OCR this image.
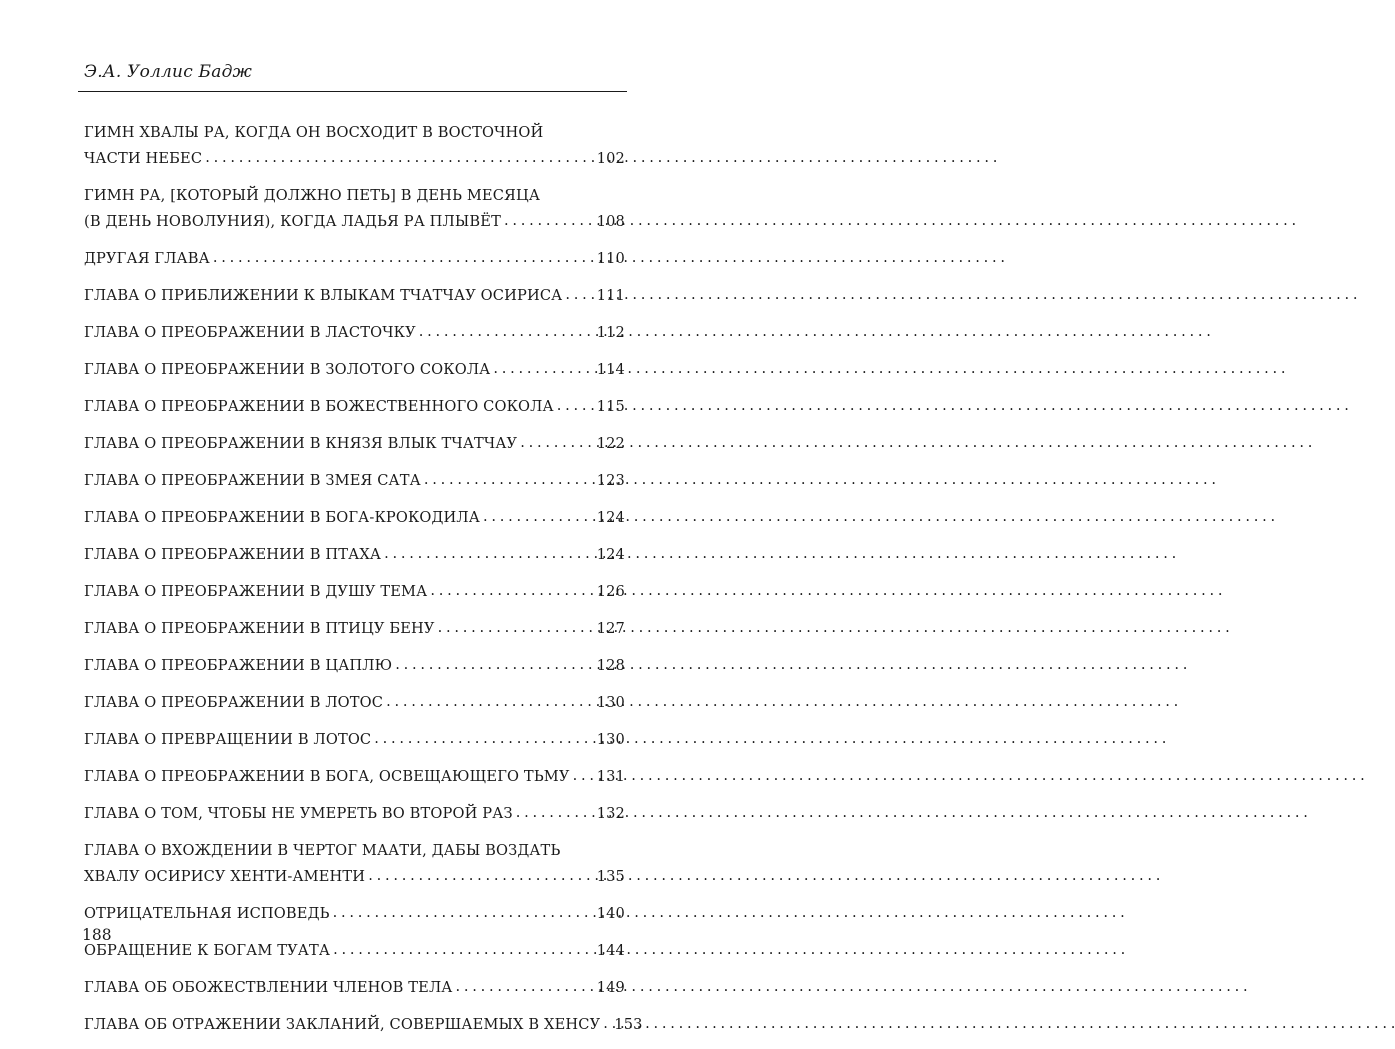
Э.А. Уоллис Бадж
ГИМН ХВАЛЫ РА, КОГДА ОН ВОСХОДИТ В ВОСТОЧНОЙ
ЧАСТИ НЕБЕС . . .	102
ГИМН РА, [КОТОРЫЙ ДОЛЖНО ПЕТЬ] В ДЕНЬ МЕСЯЦА
(В ДЕНЬ НОВОЛУНИЯ), КОГДА ЛАДЬЯ РА ПЛЫВЁТ . . .	108
ДРУГАЯ ГЛАВА . . .	110
ГЛАВА О ПРИБЛИЖЕНИИ К ВЛЫКАМ ТЧАТЧАУ ОСИРИСА . . . 111
ГЛАВА О ПРЕОБРАЖЕНИИ В ЛАСТОЧКУ . . .	112
ГЛАВА О ПРЕОБРАЖЕНИИ В ЗОЛОТОГО СОКОЛА . . .	114
ГЛАВА О ПРЕОБРАЖЕНИИ В БОЖЕСТВЕННОГО СОКОЛА . . .	115
ГЛАВА О ПРЕОБРАЖЕНИИ В КНЯЗЯ ВЛЫК ТЧАТЧАУ . . .	122
ГЛАВА О ПРЕОБРАЖЕНИИ В ЗМЕЯ САТА . . .	123
ГЛАВА О ПРЕОБРАЖЕНИИ В БОГА-КРОКОДИЛА . . .	124
ГЛАВА О ПРЕОБРАЖЕНИИ В ПТАХА . . .	124
ГЛАВА О ПРЕОБРАЖЕНИИ В ДУШУ ТЕМА . . .	126
ГЛАВА О ПРЕОБРАЖЕНИИ В ПТИЦУ БЕНУ . . .	127
ГЛАВА О ПРЕОБРАЖЕНИИ В ЦАПЛЮ . . .	128
ГЛАВА О ПРЕОБРАЖЕНИИ В ЛОТОС . . .	130
ГЛАВА О ПРЕВРАЩЕНИИ В ЛОТОС . . .	130
ГЛАВА О ПРЕОБРАЖЕНИИ В БОГА, ОСВЕЩАЮЩЕГО ТЬМУ . . . 131
ГЛАВА О ТОМ, ЧТОБЫ НЕ УМЕРЕТЬ ВО ВТОРОЙ РАЗ . . .	132
ГЛАВА О ВХОЖДЕНИИ В ЧЕРТОГ МААТИ, ДАБЫ ВОЗДАТЬ
ХВАЛУ ОСИРИСУ ХЕНТИ-АМЕНТИ . . .	135
ОТРИЦАТЕЛЬНАЯ ИСПОВЕДЬ . . .	140
ОБРАЩЕНИЕ К БОГАМ ТУАТА . . .	144
ГЛАВА ОБ ОБОЖЕСТВЛЕНИИ ЧЛЕНОВ ТЕЛА . . .	149
ГЛАВА ОБ ОТРАЖЕНИИ ЗАКЛАНИЙ, СОВЕРШАЕМЫХ В ХЕНСУ . . . 153
188
